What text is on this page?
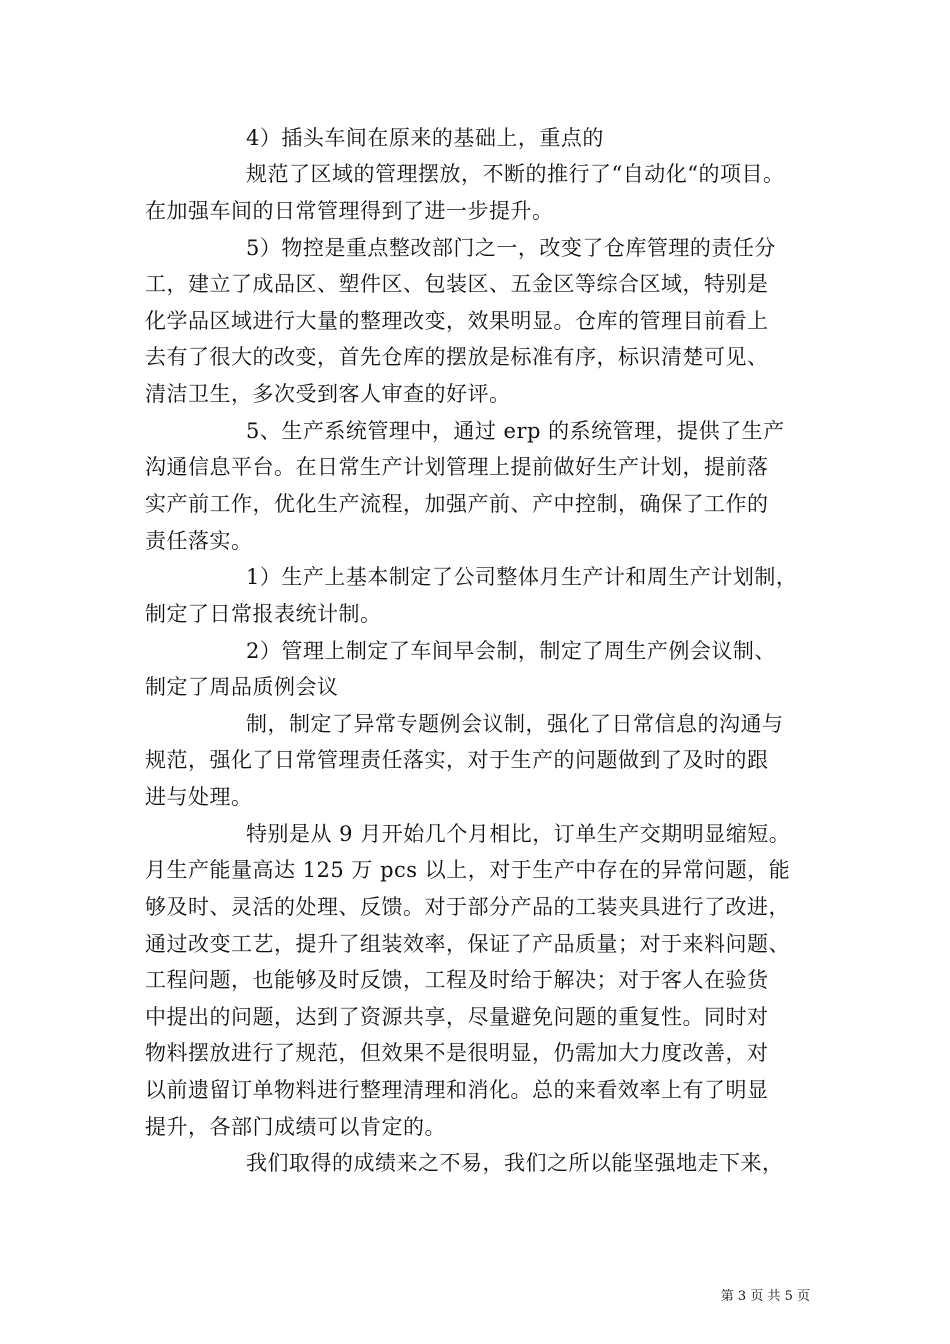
4）插头车间在原来的基础上，重点的
规范了区域的管理摆放，不断的推行了“自动化“的项目。
在加强车间的日常管理得到了进一步提升。
5）物控是重点整改部门之一，改变了仓库管理的责任分
工，建立了成品区、塑件区、包装区、五金区等综合区域，特别是
化学品区域进行大量的整理改变，效果明显。仓库的管理目前看上
去有了很大的改变，首先仓库的摆放是标准有序，标识清楚可见、
清洁卫生，多次受到客人审查的好评。
5、生产系统管理中，通过 erp 的系统管理，提供了生产
沟通信息平台。在日常生产计划管理上提前做好生产计划，提前落
实产前工作，优化生产流程，加强产前、产中控制，确保了工作的
责任落实。
1）生产上基本制定了公司整体月生产计和周生产计划制，
制定了日常报表统计制。
2）管理上制定了车间早会制，制定了周生产例会议制、
制定了周品质例会议
制，制定了异常专题例会议制，强化了日常信息的沟通与
规范，强化了日常管理责任落实，对于生产的问题做到了及时的跟
进与处理。
特别是从 9 月开始几个月相比，订单生产交期明显缩短。
月生产能量高达 125 万 pcs 以上，对于生产中存在的异常问题，能
够及时、灵活的处理、反馈。对于部分产品的工装夹具进行了改进，
通过改变工艺，提升了组装效率，保证了产品质量；对于来料问题、
工程问题，也能够及时反馈，工程及时给于解决；对于客人在验货
中提出的问题，达到了资源共享，尽量避免问题的重复性。同时对
物料摆放进行了规范，但效果不是很明显，仍需加大力度改善，对
以前遗留订单物料进行整理清理和消化。总的来看效率上有了明显
提升，各部门成绩可以肯定的。
我们取得的成绩来之不易，我们之所以能坚强地走下来，
第 3 页 共 5 页
